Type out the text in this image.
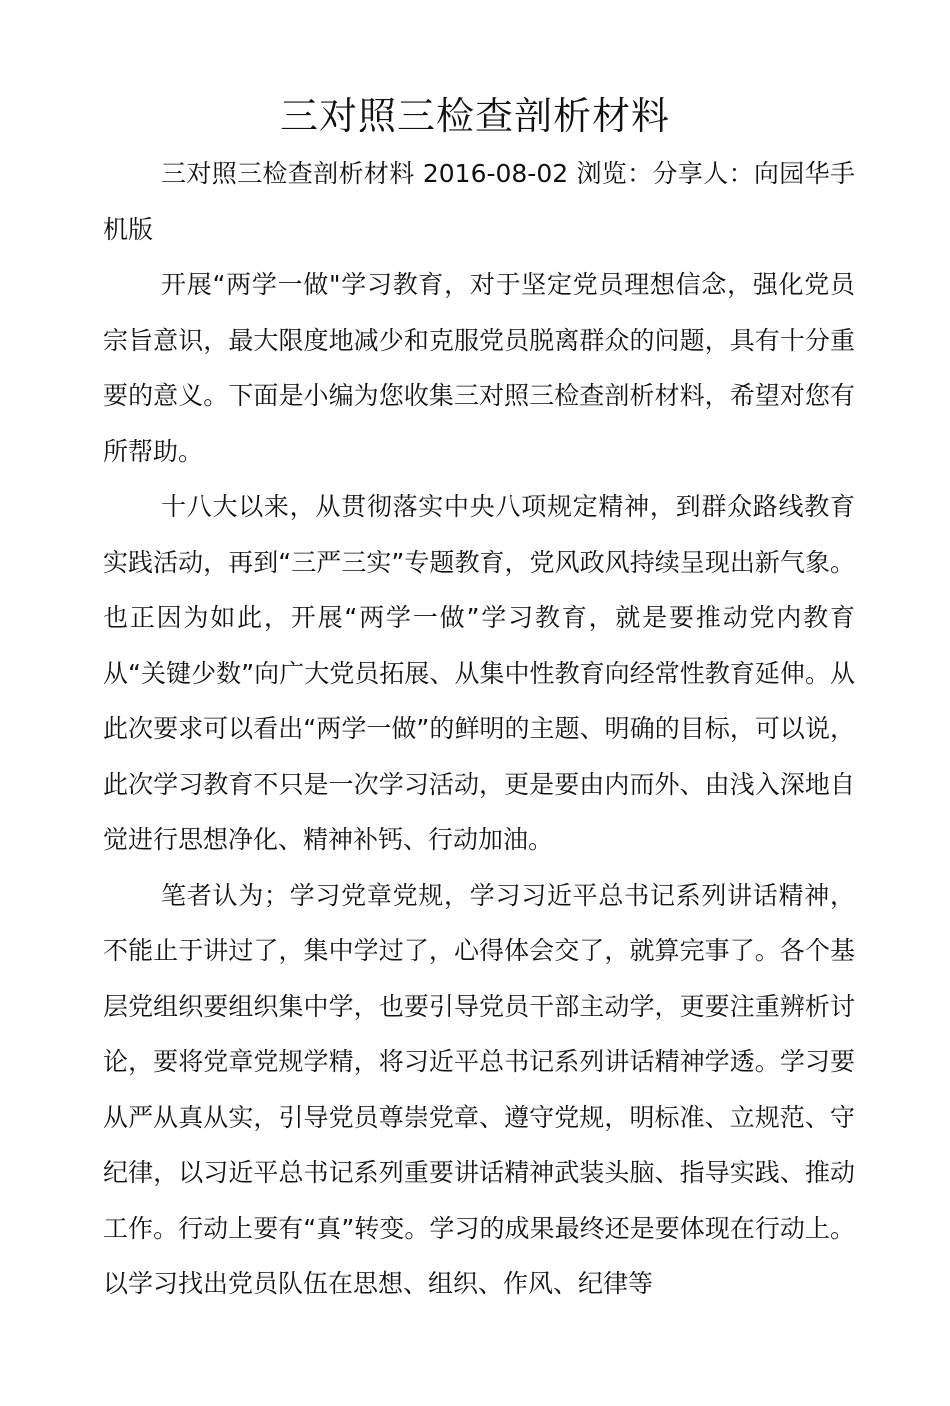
三对照三检查剖析材料

三对照三检查剖析材料 2016-08-02 浏览：分享人：向园华手机版

开展“两学一做"学习教育，对于坚定党员理想信念，强化党员宗旨意识，最大限度地减少和克服党员脱离群众的问题，具有十分重要的意义。下面是小编为您收集三对照三检查剖析材料，希望对您有所帮助。

十八大以来，从贯彻落实中央八项规定精神，到群众路线教育实践活动，再到“三严三实”专题教育，党风政风持续呈现出新气象。也正因为如此，开展“两学一做”学习教育，就是要推动党内教育从“关键少数”向广大党员拓展、从集中性教育向经常性教育延伸。从此次要求可以看出“两学一做”的鲜明的主题、明确的目标，可以说，此次学习教育不只是一次学习活动，更是要由内而外、由浅入深地自觉进行思想净化、精神补钙、行动加油。

笔者认为；学习党章党规，学习习近平总书记系列讲话精神，不能止于讲过了，集中学过了，心得体会交了，就算完事了。各个基层党组织要组织集中学，也要引导党员干部主动学，更要注重辨析讨论，要将党章党规学精，将习近平总书记系列讲话精神学透。学习要从严从真从实，引导党员尊崇党章、遵守党规，明标准、立规范、守纪律，以习近平总书记系列重要讲话精神武装头脑、指导实践、推动工作。行动上要有“真”转变。学习的成果最终还是要体现在行动上。以学习找出党员队伍在思想、组织、作风、纪律等
